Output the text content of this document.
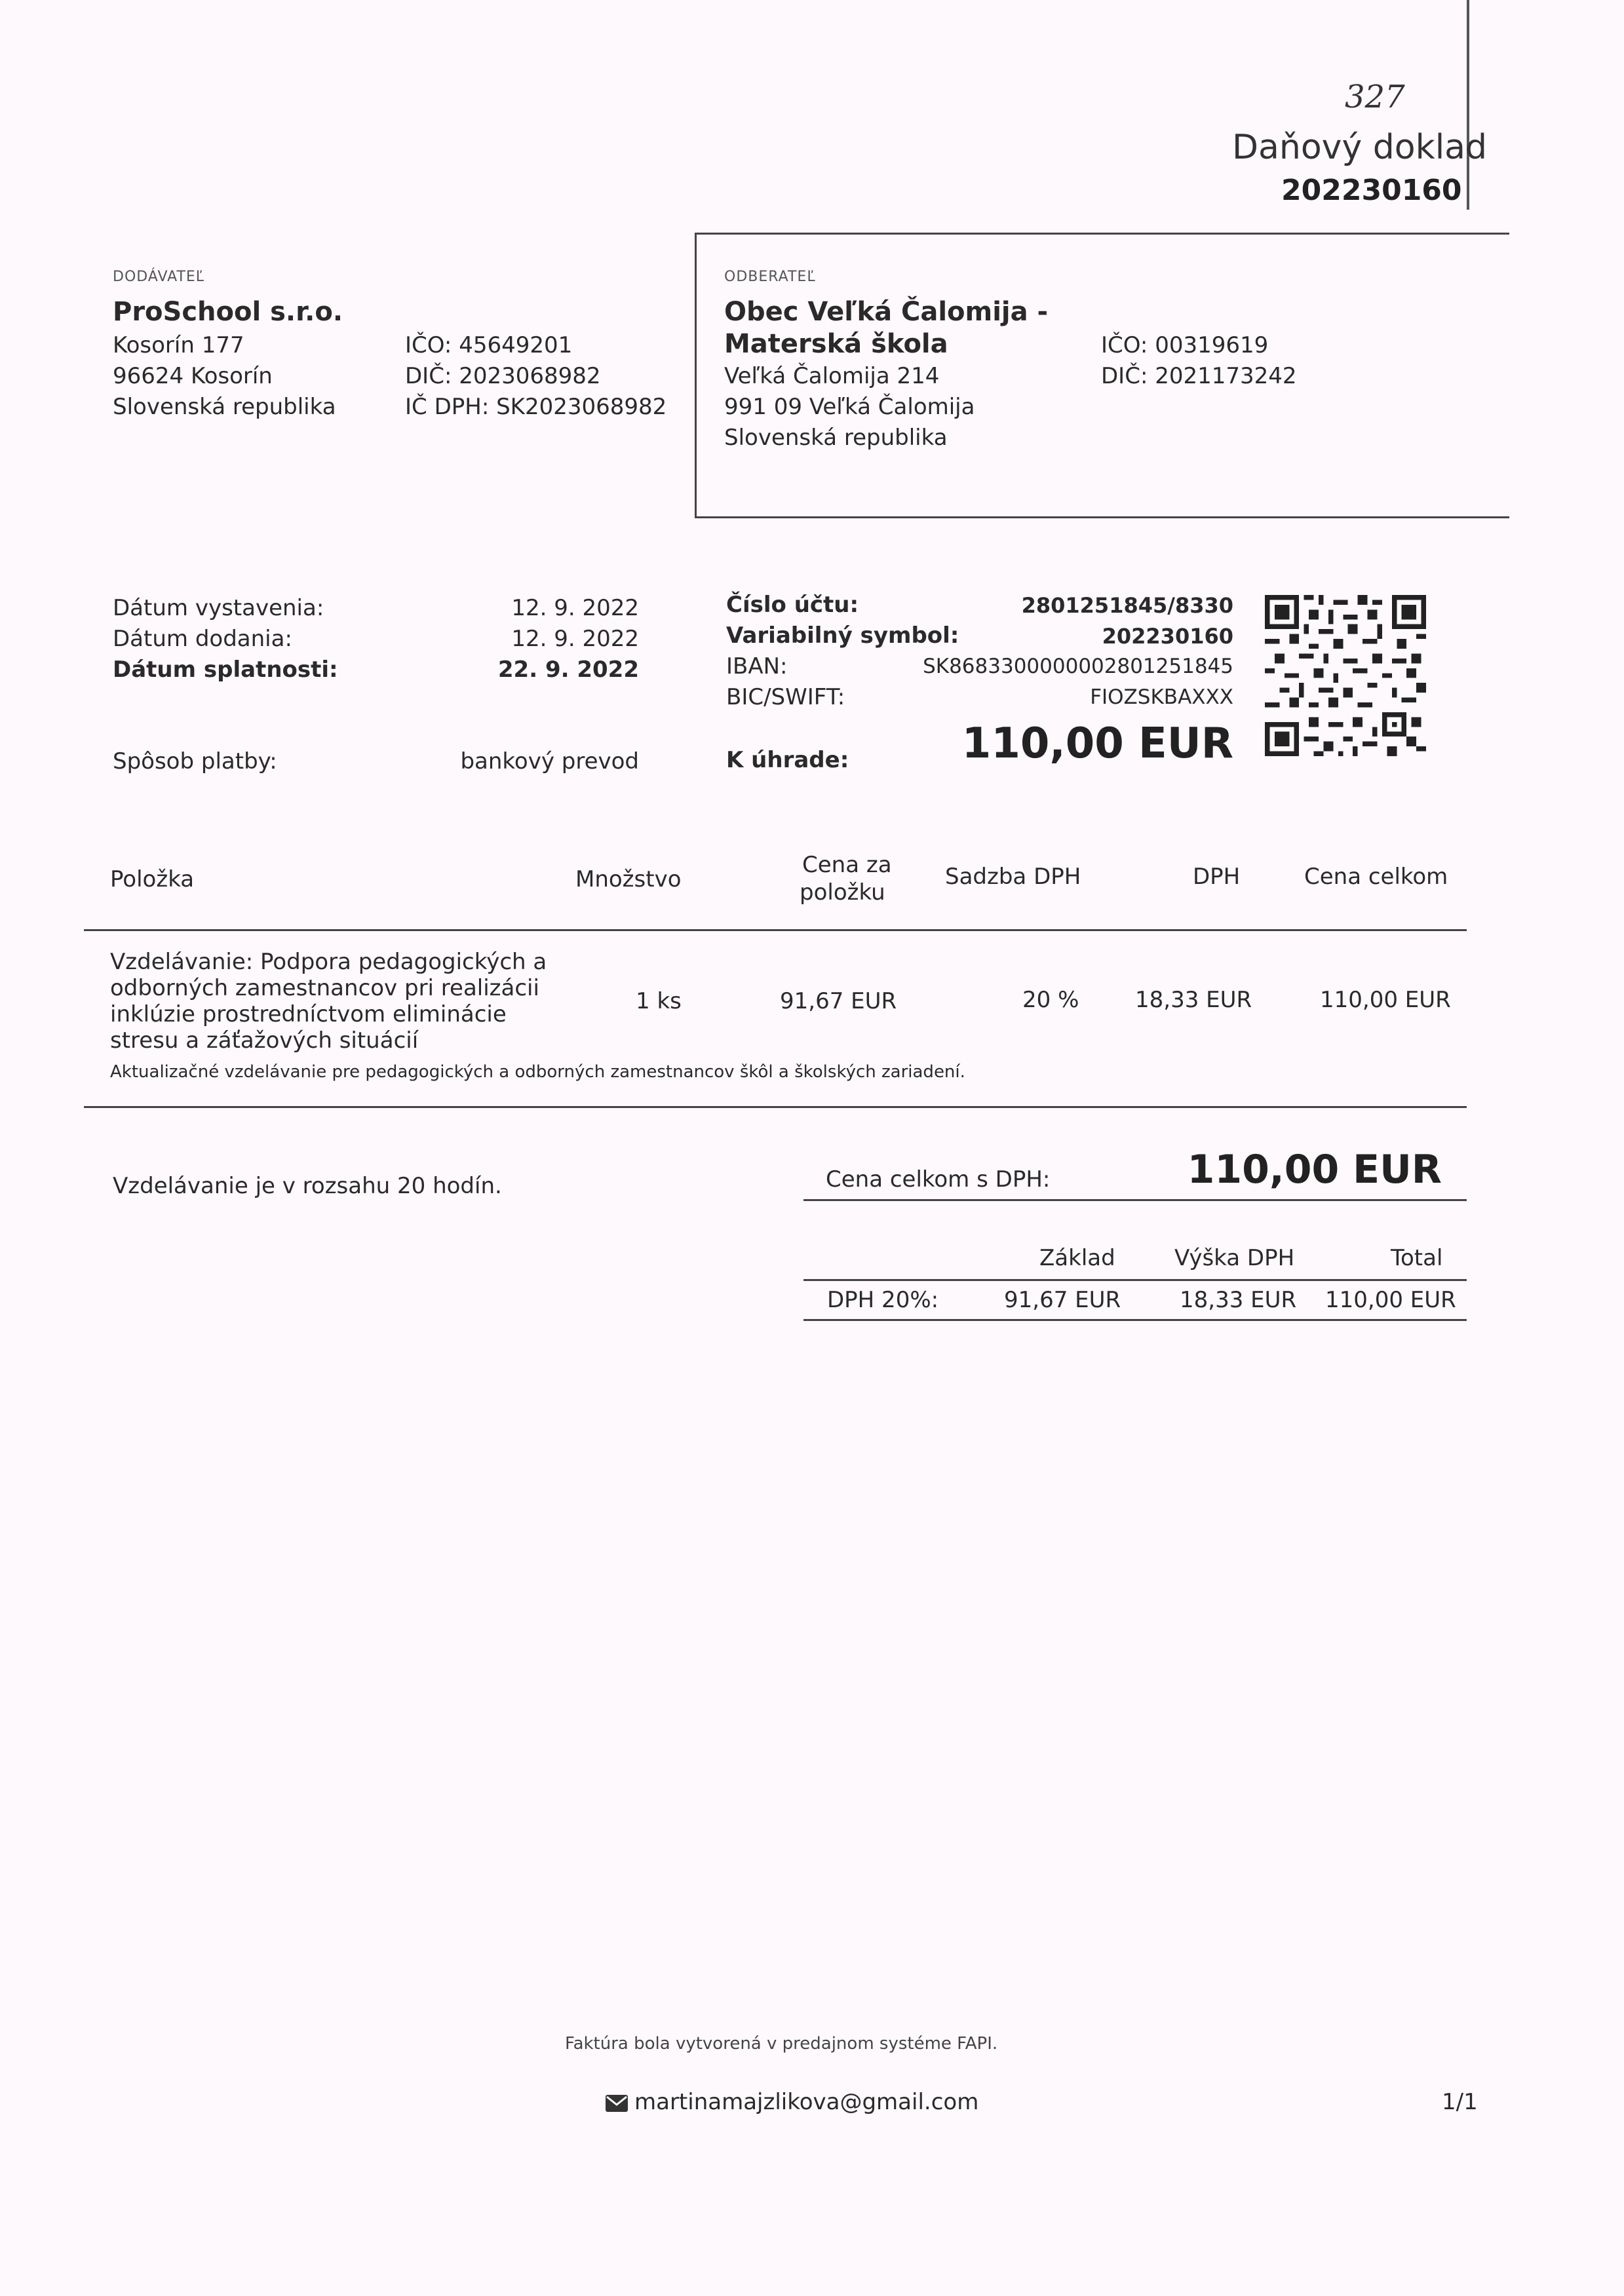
327
Daňový doklad
202230160
DODÁVATEĽ
ProSchool s.r.o.
Kosorín 177
96624 Kosorín
Slovenská republika
IČO: 45649201
DIČ: 2023068982
IČ DPH: SK2023068982
ODBERATEĽ
Obec Veľká Čalomija -
Materská škola
Veľká Čalomija 214
991 09 Veľká Čalomija
Slovenská republika
IČO: 00319619
DIČ: 2021173242
Dátum vystavenia:	12. 9. 2022
Dátum dodania:	12. 9. 2022
Dátum splatnosti:	22. 9. 2022
Spôsob platby:	bankový prevod
Číslo účtu:	2801251845/8330
Variabilný symbol:	202230160
IBAN:	SK8683300000002801251845
BIC/SWIFT:	FIOZSKBAXXX
K úhrade:	110,00 EUR
Položka	Množstvo
Cena za
položku
Sadzba DPH	DPH	Cena celkom
Vzdelávanie: Podpora pedagogických a
odborných zamestnancov pri realizácii
inklúzie prostredníctvom eliminácie
stresu a záťažových situácií
1 ks	91,67 EUR	20 %	18,33 EUR	110,00 EUR
Aktualizačné vzdelávanie pre pedagogických a odborných zamestnancov škôl a školských zariadení.
Vzdelávanie je v rozsahu 20 hodín.	Cena celkom s DPH:	110,00 EUR
Základ	Výška DPH	Total
DPH 20%:	91,67 EUR	18,33 EUR 110,00 EUR
Faktúra bola vytvorená v predajnom systéme FAPI.
martinamajzlikova@gmail.com	1/1
